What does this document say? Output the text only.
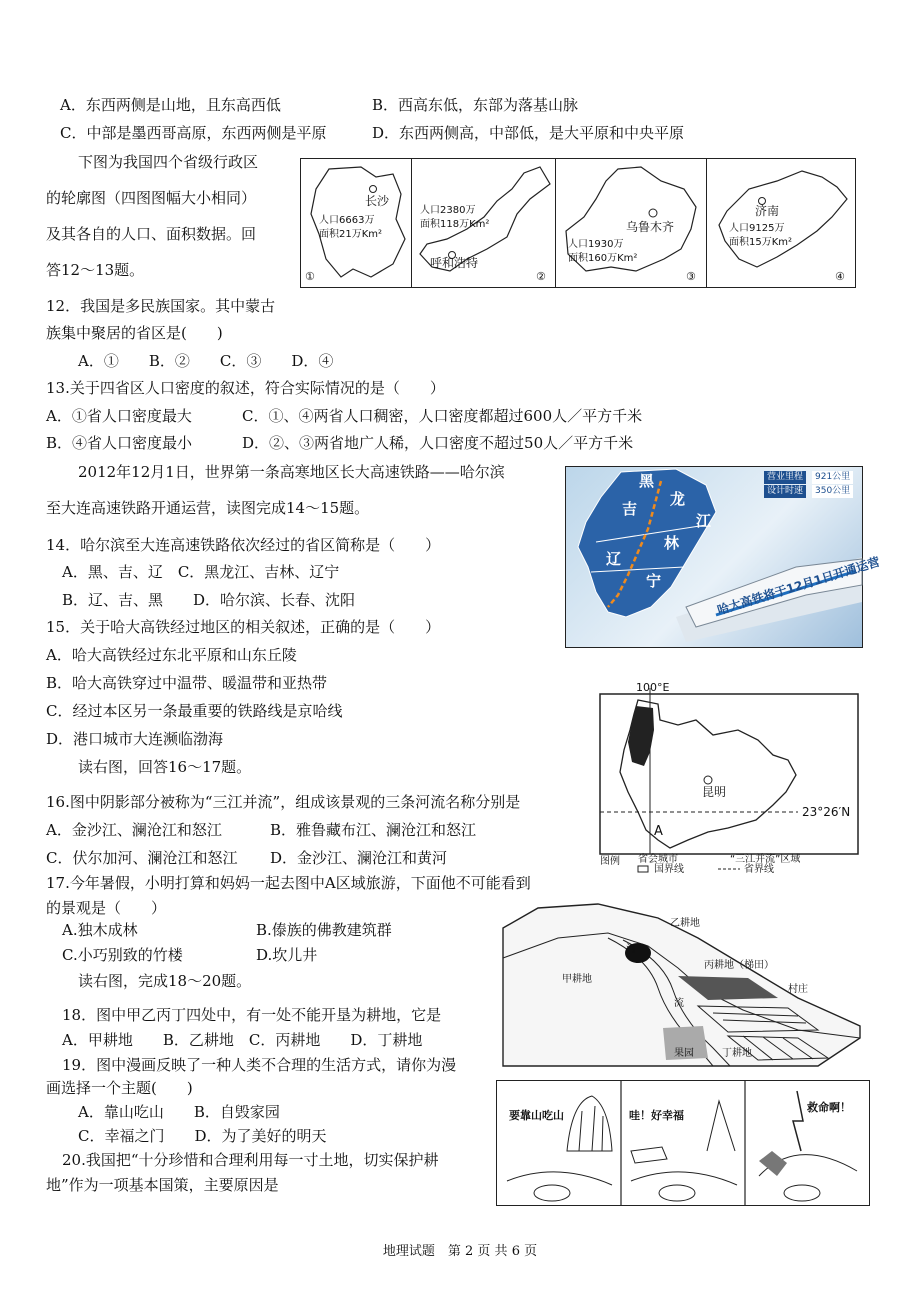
A．东西两侧是山地，且东高西低	B．西高东低，东部为落基山脉
C．中部是墨西哥高原，东西两侧是平原	D．东西两侧高，中部低，是大平原和中央平原
下图为我国四个省级行政区
的轮廓图（四图图幅大小相同）
及其各自的人口、面积数据。回
答12～13题。
长沙
人口6663万
面积21万Km²
①
人口2380万
面积118万Km²
呼和浩特
②
乌鲁木齐
人口1930万
面积160万Km²
③
济南
人口9125万
面积15万Km²
④
12．我国是多民族国家。其中蒙古
族集中聚居的省区是(　　)
A．①　　B．②　　C．③　　D．④
13.关于四省区人口密度的叙述，符合实际情况的是（　　）
A．①省人口密度最大	C．①、④两省人口稠密，人口密度都超过600人／平方千米
B．④省人口密度最小	D．②、③两省地广人稀，人口密度不超过50人／平方千米
2012年12月1日，世界第一条高寒地区长大高速铁路——哈尔滨
至大连高速铁路开通运营，读图完成14～15题。
黑
龙
江
吉
林
辽
宁
营业里程	921公里
设计时速	350公里
哈大高铁将于12月1日开通运营
14．哈尔滨至大连高速铁路依次经过的省区简称是（　　）
A．黑、吉、辽　C．黑龙江、吉林、辽宁
B．辽、吉、黑　　D．哈尔滨、长春、沈阳
15．关于哈大高铁经过地区的相关叙述，正确的是（　　）
A．哈大高铁经过东北平原和山东丘陵
B．哈大高铁穿过中温带、暖温带和亚热带
C．经过本区另一条最重要的铁路线是京哈线
D．港口城市大连濒临渤海
读右图，回答16～17题。
100°E
昆明
23°26′N
A
图例 省会城市	“三江并流”区域
国界线	省界线
16.图中阴影部分被称为“三江并流”，组成该景观的三条河流名称分别是
A．金沙江、澜沧江和怒江	B．雅鲁藏布江、澜沧江和怒江
C．伏尔加河、澜沧江和怒江 D．金沙江、澜沧江和黄河
17.今年暑假，小明打算和妈妈一起去图中A区域旅游，下面他不可能看到
的景观是（　　）
A.独木成林	B.傣族的佛教建筑群
C.小巧别致的竹楼	D.坎儿井
读右图，完成18～20题。	甲耕地
乙耕地
丙耕地（梯田）
丁耕地
村庄
果园
河
流
18．图中甲乙丙丁四处中，有一处不能开垦为耕地，它是
A．甲耕地　　B．乙耕地　C．丙耕地　　D．丁耕地
19．图中漫画反映了一种人类不合理的生活方式，请你为漫
画选择一个主题(　　)
A．靠山吃山　　B．自毁家园
C．幸福之门　　D．为了美好的明天
要靠山吃山	哇！好幸福
救命啊！
20.我国把“十分珍惜和合理利用每一寸土地，切实保护耕
地”作为一项基本国策，主要原因是
地理试题　第 2 页 共 6 页
